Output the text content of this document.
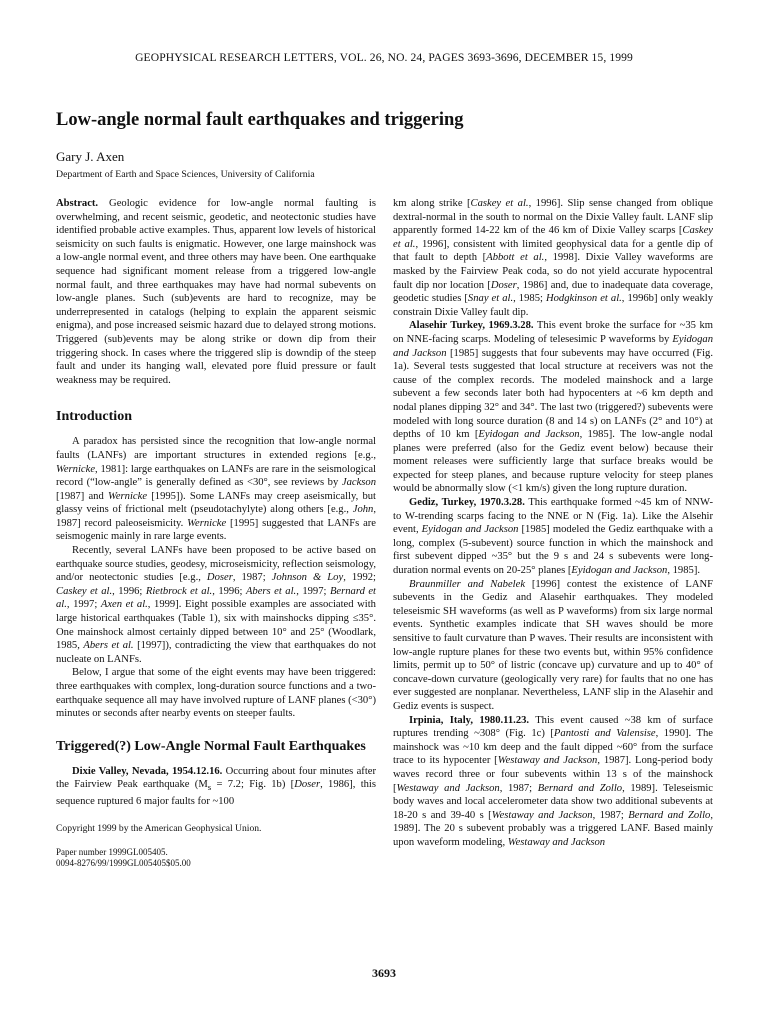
GEOPHYSICAL RESEARCH LETTERS, VOL. 26, NO. 24, PAGES 3693-3696, DECEMBER 15, 1999
Low-angle normal fault earthquakes and triggering
Gary J. Axen
Department of Earth and Space Sciences, University of California

Abstract. Geologic evidence for low-angle normal faulting is overwhelming, and recent seismic, geodetic, and neotectonic studies have identified probable active examples. Thus, apparent low levels of historical seismicity on such faults is enigmatic. However, one large mainshock was a low-angle normal event, and three others may have been. One earthquake sequence had significant moment release from a triggered low-angle normal fault, and three earthquakes may have had normal subevents on low-angle planes. Such (sub)events are hard to recognize, may be underrepresented in catalogs (helping to explain the apparent seismic enigma), and pose increased seismic hazard due to delayed strong motions. Triggered (sub)events may be along strike or down dip from their triggering shock. In cases where the triggered slip is downdip of the steep fault and under its hanging wall, elevated pore fluid pressure or fault weakness may be required.

Introduction

A paradox has persisted since the recognition that low-angle normal faults (LANFs) are important structures in extended regions [e.g., Wernicke, 1981]: large earthquakes on LANFs are rare in the seismological record (“low-angle” is generally defined as <30°, see reviews by Jackson [1987] and Wernicke [1995]). Some LANFs may creep aseismically, but glassy veins of frictional melt (pseudotachylyte) along others [e.g., John, 1987] record paleoseismicity. Wernicke [1995] suggested that LANFs are seismogenic mainly in rare large events.

Recently, several LANFs have been proposed to be active based on earthquake source studies, geodesy, microseismicity, reflection seismology, and/or neotectonic studies [e.g., Doser, 1987; Johnson & Loy, 1992; Caskey et al., 1996; Rietbrock et al., 1996; Abers et al., 1997; Bernard et al., 1997; Axen et al., 1999]. Eight possible examples are associated with large historical earthquakes (Table 1), six with mainshocks dipping ≤35°. One mainshock almost certainly dipped between 10° and 25° (Woodlark, 1985, Abers et al. [1997]), contradicting the view that earthquakes do not nucleate on LANFs.

Below, I argue that some of the eight events may have been triggered: three earthquakes with complex, long-duration source functions and a two-earthquake sequence all may have involved rupture of LANF planes (<30°) minutes or seconds after nearby events on steeper faults.

Triggered(?) Low-Angle Normal Fault Earthquakes

Dixie Valley, Nevada, 1954.12.16. Occurring about four minutes after the Fairview Peak earthquake ($M_s = 7.2$; Fig. 1b) [Doser, 1986], this sequence ruptured 6 major faults for ~100

Copyright 1999 by the American Geophysical Union.

Paper number 1999GL005405.
0094-8276/99/1999GL005405$05.00

km along strike [Caskey et al., 1996]. Slip sense changed from oblique dextral-normal in the south to normal on the Dixie Valley fault. LANF slip apparently formed 14-22 km of the 46 km of Dixie Valley scarps [Caskey et al., 1996], consistent with limited geophysical data for a gentle dip of that fault to depth [Abbott et al., 1998]. Dixie Valley waveforms are masked by the Fairview Peak coda, so do not yield accurate hypocentral fault dip nor location [Doser, 1986] and, due to inadequate data coverage, geodetic studies [Snay et al., 1985; Hodgkinson et al., 1996b] only weakly constrain Dixie Valley fault dip.

Alasehir Turkey, 1969.3.28. This event broke the surface for ~35 km on NNE-facing scarps. Modeling of telesesimic P waveforms by Eyidogan and Jackson [1985] suggests that four subevents may have occurred (Fig. 1a). Several tests suggested that local structure at receivers was not the cause of the complex records. The modeled mainshock and a large subevent a few seconds later both had hypocenters at ~6 km depth and nodal planes dipping 32° and 34°. The last two (triggered?) subevents were modeled with long source duration (8 and 14 s) on LANFs (2° and 10°) at depths of 10 km [Eyidogan and Jackson, 1985]. The low-angle nodal planes were preferred (also for the Gediz event below) because their moment releases were sufficiently large that surface breaks would be expected for steep planes, and because rupture velocity for steep planes would be abnormally slow (<1 km/s) given the long rupture duration.

Gediz, Turkey, 1970.3.28. This earthquake formed ~45 km of NNW- to W-trending scarps facing to the NNE or N (Fig. 1a). Like the Alsehir event, Eyidogan and Jackson [1985] modeled the Gediz earthquake with a long, complex (5-subevent) source function in which the mainshock and first subevent dipped ~35° but the 9 s and 24 s subevents were long-duration normal events on 20-25° planes [Eyidogan and Jackson, 1985].

Braunmiller and Nabelek [1996] contest the existence of LANF subevents in the Gediz and Alasehir earthquakes. They modeled teleseismic SH waveforms (as well as P waveforms) from six large normal events. Synthetic examples indicate that SH waves should be more sensitive to fault curvature than P waves. Their results are inconsistent with low-angle rupture planes for these two events but, within 95% confidence limits, permit up to 50° of listric (concave up) curvature and up to 40° of concave-down curvature (geologically very rare) for faults that no one has ever suggested are nonplanar. Nevertheless, LANF slip in the Alasehir and Gediz events is suspect.

Irpinia, Italy, 1980.11.23. This event caused ~38 km of surface ruptures trending ~308° (Fig. 1c) [Pantosti and Valensise, 1990]. The mainshock was ~10 km deep and the fault dipped ~60° from the surface trace to its hypocenter [Westaway and Jackson, 1987]. Long-period body waves record three or four subevents within 13 s of the mainshock [Westaway and Jackson, 1987; Bernard and Zollo, 1989]. Teleseismic body waves and local accelerometer data show two additional subevents at 18-20 s and 39-40 s [Westaway and Jackson, 1987; Bernard and Zollo, 1989]. The 20 s subevent probably was a triggered LANF. Based mainly upon waveform modeling, Westaway and Jackson

3693
